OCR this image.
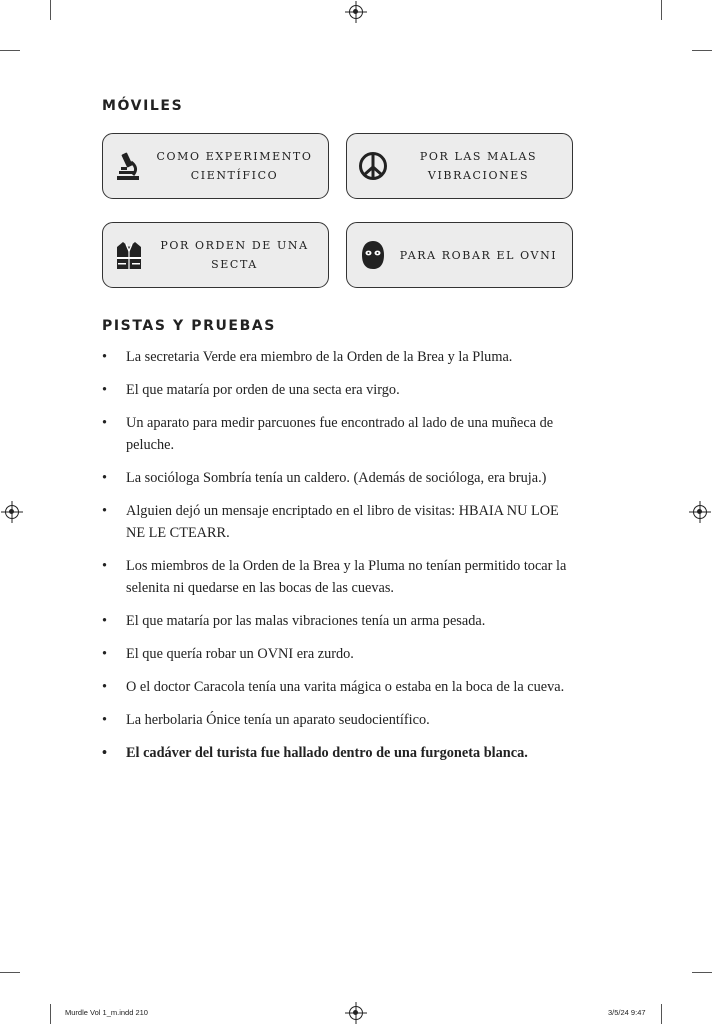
MÓVILES
COMO EXPERIMENTO CIENTÍFICO
POR LAS MALAS VIBRACIONES
POR ORDEN DE UNA SECTA
PARA ROBAR EL OVNI
PISTAS Y PRUEBAS
• La secretaria Verde era miembro de la Orden de la Brea y la Pluma.
• El que mataría por orden de una secta era virgo.
• Un aparato para medir parcuones fue encontrado al lado de una muñeca de peluche.
• La socióloga Sombría tenía un caldero. (Además de socióloga, era bruja.)
• Alguien dejó un mensaje encriptado en el libro de visitas: HBAIA NU LOE NE LE CTEARR.
• Los miembros de la Orden de la Brea y la Pluma no tenían permitido tocar la selenita ni quedarse en las bocas de las cuevas.
• El que mataría por las malas vibraciones tenía un arma pesada.
• El que quería robar un OVNI era zurdo.
• O el doctor Caracola tenía una varita mágica o estaba en la boca de la cueva.
• La herbolaria Ónice tenía un aparato seudocientífico.
• El cadáver del turista fue hallado dentro de una furgoneta blanca.
Murdle Vol 1_m.indd 210	3/5/24 9:47
